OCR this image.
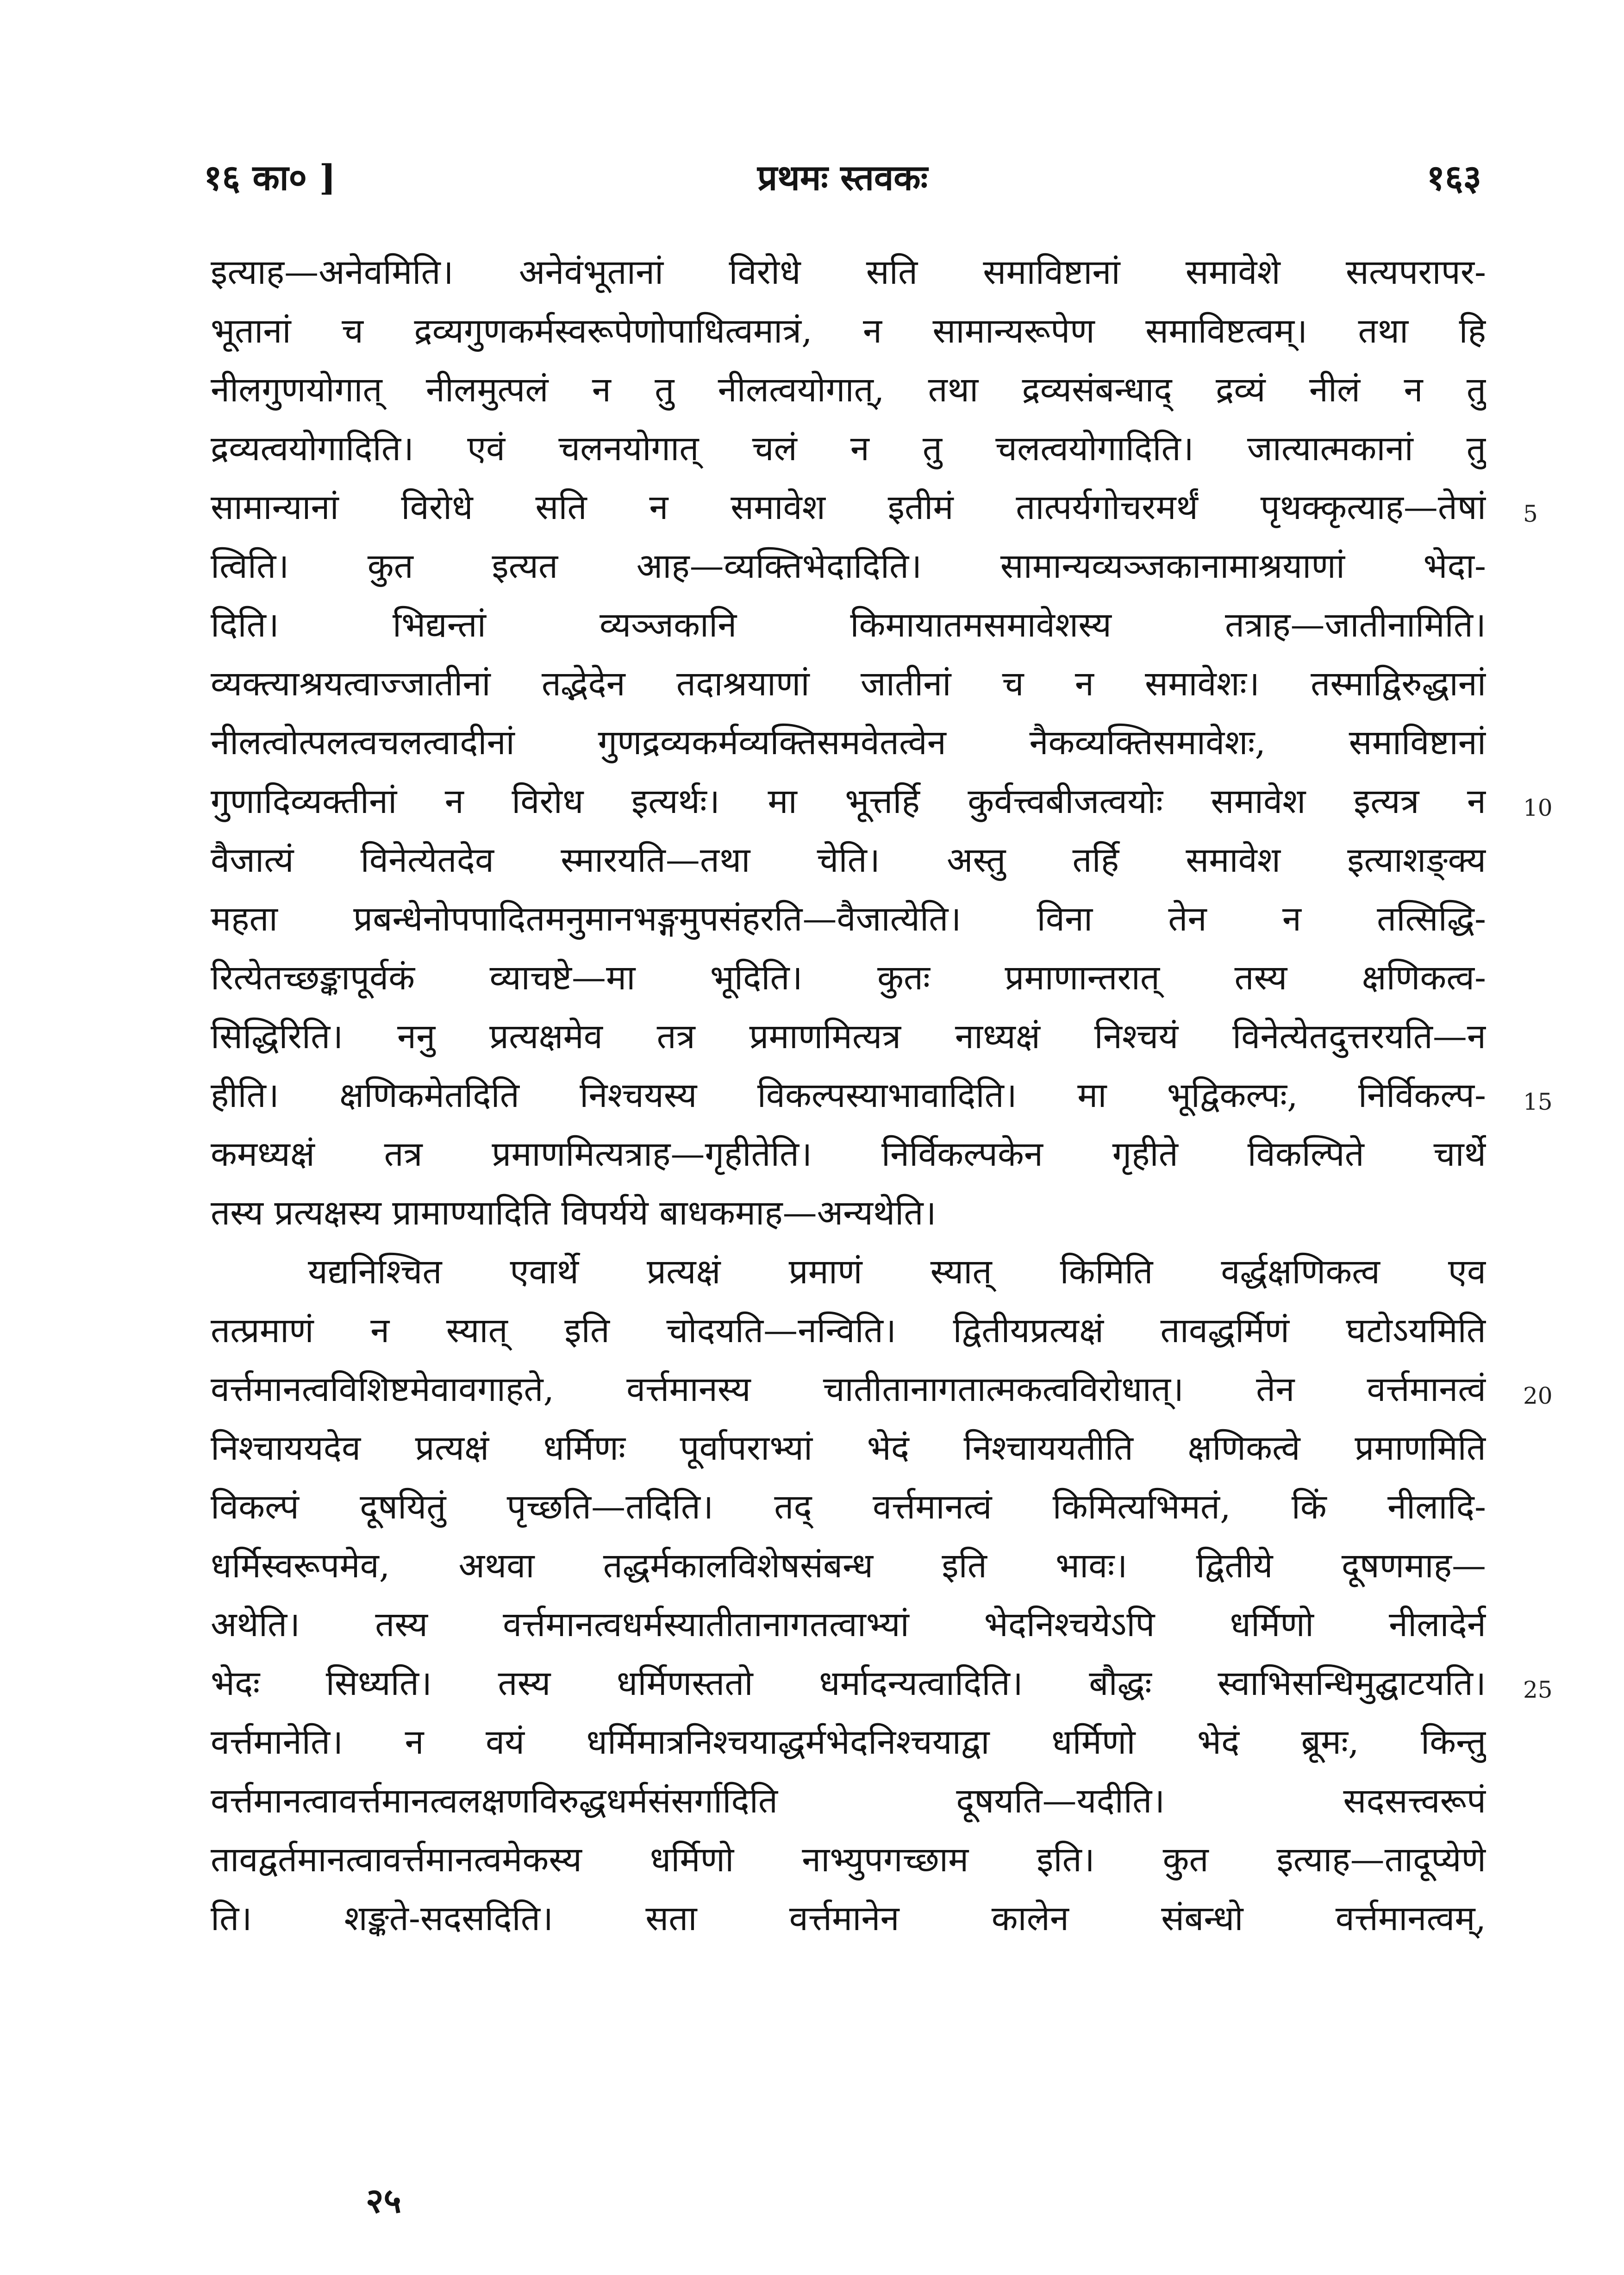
१६ का० ]	प्रथमः स्तवकः	१६३
इत्याह—अनेवमिति। अनेवंभूतानां विरोधे सति समाविष्टानां समावेशे सत्यपरापर-
भूतानां च द्रव्यगुणकर्मस्वरूपेणोपाधित्वमात्रं, न सामान्यरूपेण समाविष्टत्वम्। तथा हि
नीलगुणयोगात् नीलमुत्पलं न तु नीलत्वयोगात्, तथा द्रव्यसंबन्धाद् द्रव्यं नीलं न तु
द्रव्यत्वयोगादिति। एवं चलनयोगात् चलं न तु चलत्वयोगादिति। जात्यात्मकानां तु
सामान्यानां विरोधे सति न समावेश इतीमं तात्पर्यगोचरमर्थं पृथक्कृत्याह—तेषां
त्विति। कुत इत्यत आह—व्यक्तिभेदादिति। सामान्यव्यञ्जकानामाश्रयाणां भेदा-
दिति। भिद्यन्तां व्यञ्जकानि किमायातमसमावेशस्य तत्राह—जातीनामिति।
व्यक्त्याश्रयत्वाज्जातीनां तद्भेदेन तदाश्रयाणां जातीनां च न समावेशः। तस्माद्विरुद्धानां
नीलत्वोत्पलत्वचलत्वादीनां गुणद्रव्यकर्मव्यक्तिसमवेतत्वेन नैकव्यक्तिसमावेशः, समाविष्टानां
गुणादिव्यक्तीनां न विरोध इत्यर्थः। मा भूत्तर्हि कुर्वत्त्वबीजत्वयोः समावेश इत्यत्र न
वैजात्यं विनेत्येतदेव स्मारयति—तथा चेति। अस्तु तर्हि समावेश इत्याशङ्क्य
महता प्रबन्धेनोपपादितमनुमानभङ्गमुपसंहरति—वैजात्येति। विना तेन न तत्सिद्धि-
रित्येतच्छङ्कापूर्वकं व्याचष्टे—मा भूदिति। कुतः प्रमाणान्तरात् तस्य क्षणिकत्व-
सिद्धिरिति। ननु प्रत्यक्षमेव तत्र प्रमाणमित्यत्र नाध्यक्षं निश्चयं विनेत्येतदुत्तरयति—न
हीति। क्षणिकमेतदिति निश्चयस्य विकल्पस्याभावादिति। मा भूद्विकल्पः, निर्विकल्प-
कमध्यक्षं तत्र प्रमाणमित्यत्राह—गृहीतेति। निर्विकल्पकेन गृहीते विकल्पिते चार्थे
तस्य प्रत्यक्षस्य प्रामाण्यादिति विपर्यये बाधकमाह—अन्यथेति।
यद्यनिश्चित एवार्थे प्रत्यक्षं प्रमाणं स्यात् किमिति वर्द्धक्षणिकत्व एव
तत्प्रमाणं न स्यात् इति चोदयति—नन्विति। द्वितीयप्रत्यक्षं तावद्धर्मिणं घटोऽयमिति
वर्त्तमानत्वविशिष्टमेवावगाहते, वर्त्तमानस्य चातीतानागतात्मकत्वविरोधात्। तेन वर्त्तमानत्वं
निश्चाययदेव प्रत्यक्षं धर्मिणः पूर्वापराभ्यां भेदं निश्चाययतीति क्षणिकत्वे प्रमाणमिति
विकल्पं दूषयितुं पृच्छति—तदिति। तद् वर्त्तमानत्वं किमित्यभिमतं, किं नीलादि-
धर्मिस्वरूपमेव, अथवा तद्धर्मकालविशेषसंबन्ध इति भावः। द्वितीये दूषणमाह—
अथेति। तस्य वर्त्तमानत्वधर्मस्यातीतानागतत्वाभ्यां भेदनिश्चयेऽपि धर्मिणो नीलादेर्न
भेदः सिध्यति। तस्य धर्मिणस्ततो धर्मादन्यत्वादिति। बौद्धः स्वाभिसन्धिमुद्घाटयति।
वर्त्तमानेति। न वयं धर्मिमात्रनिश्चयाद्धर्मभेदनिश्चयाद्वा धर्मिणो भेदं ब्रूमः, किन्तु
वर्त्तमानत्वावर्त्तमानत्वलक्षणविरुद्धधर्मसंसर्गादिति दूषयति—यदीति। सदसत्त्वरूपं
तावद्वर्तमानत्वावर्त्तमानत्वमेकस्य धर्मिणो नाभ्युपगच्छाम इति। कुत इत्याह—तादूप्येणे
ति। शङ्कते-सदसदिति। सता वर्त्तमानेन कालेन संबन्धो वर्त्तमानत्वम्,
5
10
15
20
25
२५
